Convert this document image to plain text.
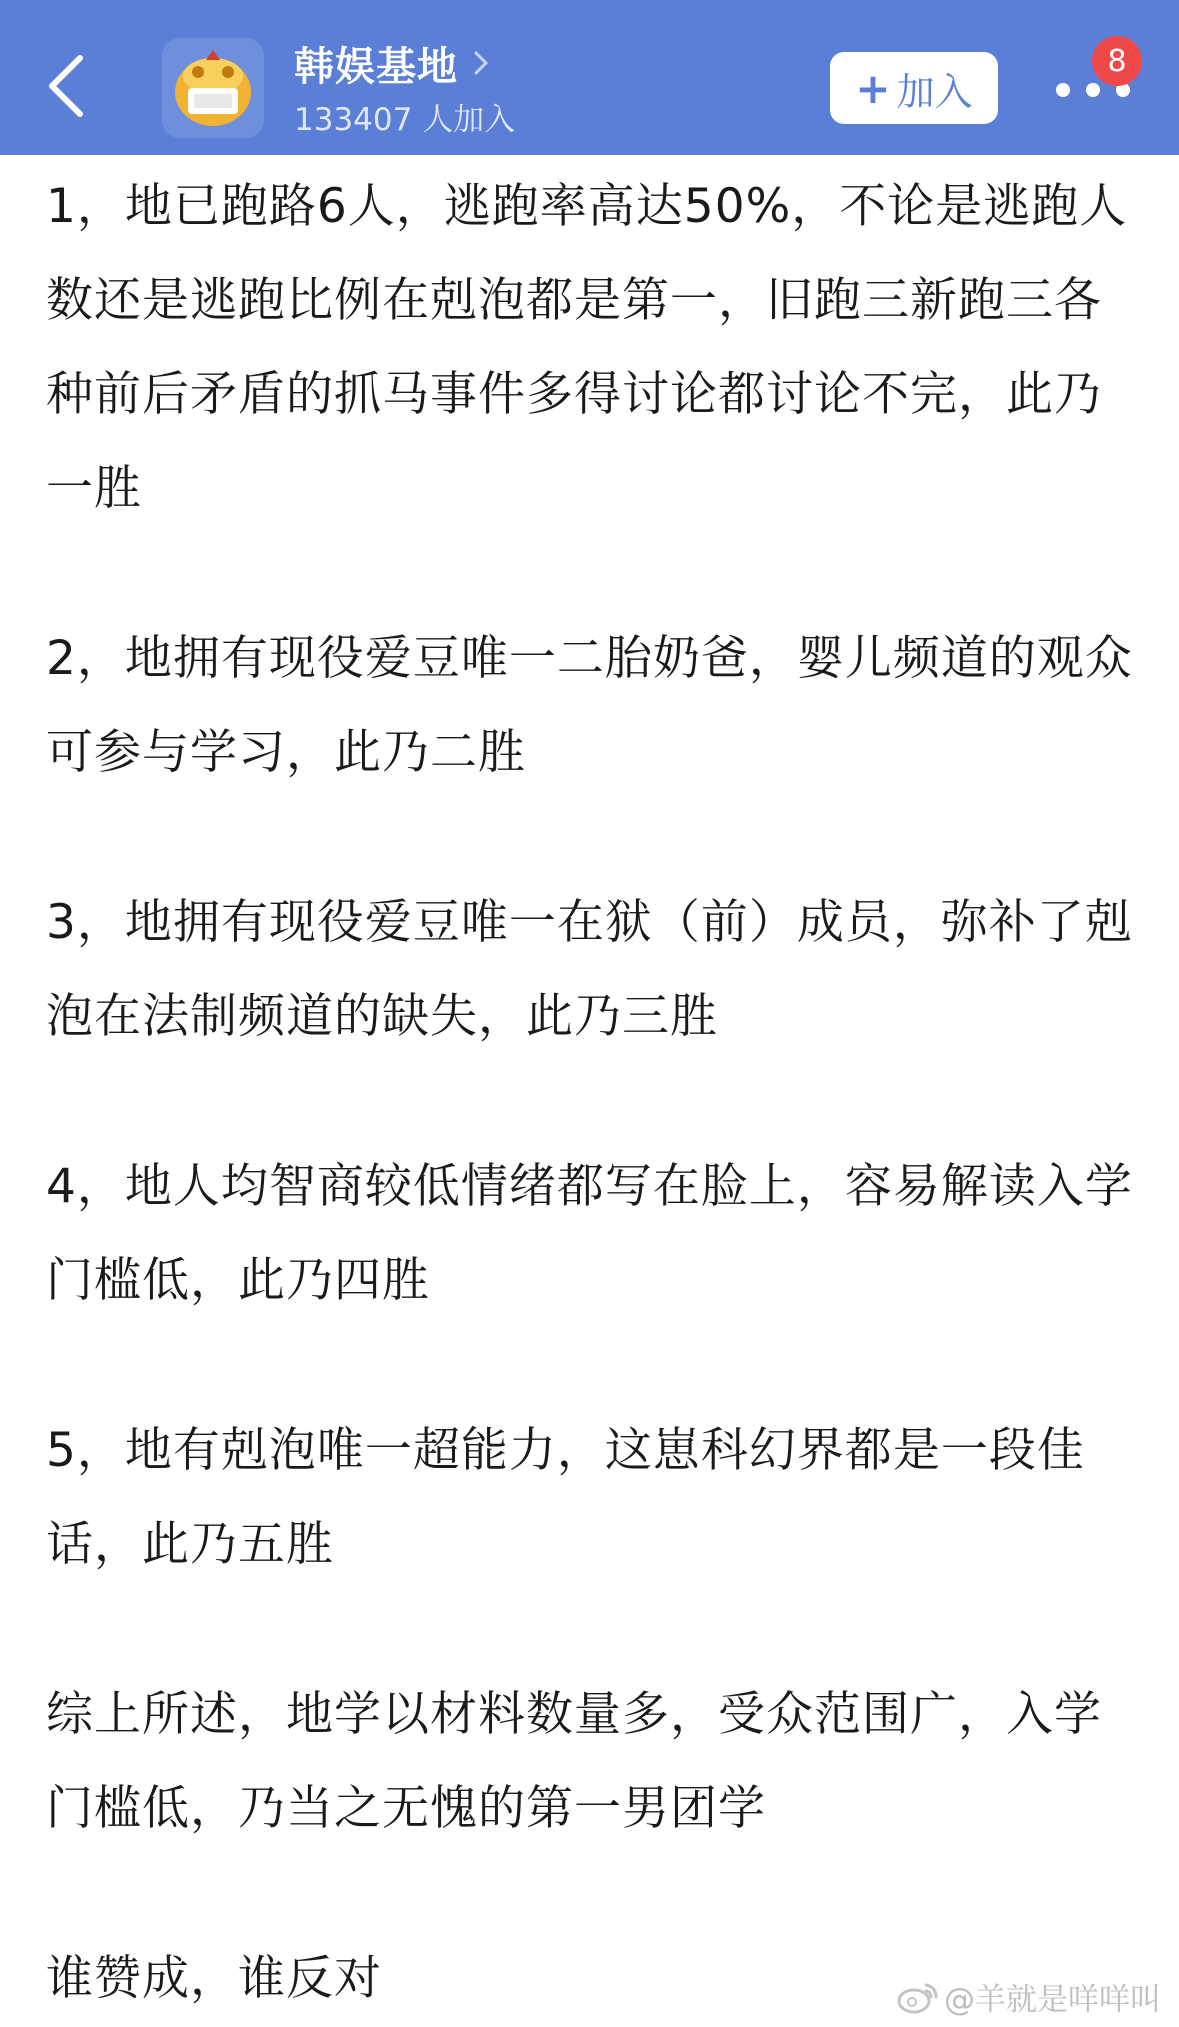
韩娱基地
133407 人加入
+ 加入
8

1，地已跑路6人，逃跑率高达50%，不论是逃跑人数还是逃跑比例在剋泡都是第一，旧跑三新跑三各种前后矛盾的抓马事件多得讨论都讨论不完，此乃一胜

2，地拥有现役爱豆唯一二胎奶爸，婴儿频道的观众可参与学习，此乃二胜

3，地拥有现役爱豆唯一在狱（前）成员，弥补了剋泡在法制频道的缺失，此乃三胜

4，地人均智商较低情绪都写在脸上，容易解读入学门槛低，此乃四胜

5，地有剋泡唯一超能力，这崽科幻界都是一段佳话，此乃五胜

综上所述，地学以材料数量多，受众范围广，入学门槛低，乃当之无愧的第一男团学

谁赞成，谁反对	@羊就是咩咩叫
